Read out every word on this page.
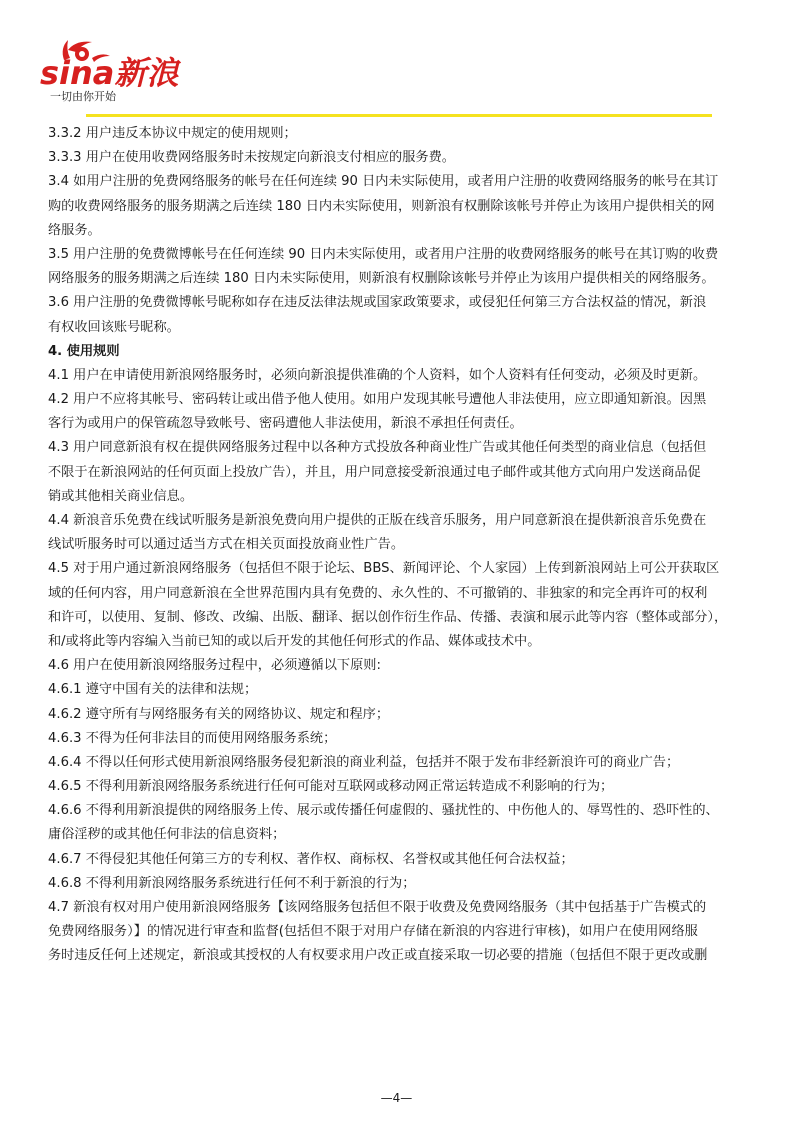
sina新浪
一切由你开始
3.3.2 用户违反本协议中规定的使用规则；
3.3.3 用户在使用收费网络服务时未按规定向新浪支付相应的服务费。
3.4 如用户注册的免费网络服务的帐号在任何连续 90 日内未实际使用，或者用户注册的收费网络服务的帐号在其订
购的收费网络服务的服务期满之后连续 180 日内未实际使用，则新浪有权删除该帐号并停止为该用户提供相关的网
络服务。
3.5 用户注册的免费微博帐号在任何连续 90 日内未实际使用，或者用户注册的收费网络服务的帐号在其订购的收费
网络服务的服务期满之后连续 180 日内未实际使用，则新浪有权删除该帐号并停止为该用户提供相关的网络服务。
3.6 用户注册的免费微博帐号昵称如存在违反法律法规或国家政策要求，或侵犯任何第三方合法权益的情况，新浪
有权收回该账号昵称。
4. 使用规则
4.1 用户在申请使用新浪网络服务时，必须向新浪提供准确的个人资料，如个人资料有任何变动，必须及时更新。
4.2 用户不应将其帐号、密码转让或出借予他人使用。如用户发现其帐号遭他人非法使用，应立即通知新浪。因黑
客行为或用户的保管疏忽导致帐号、密码遭他人非法使用，新浪不承担任何责任。
4.3 用户同意新浪有权在提供网络服务过程中以各种方式投放各种商业性广告或其他任何类型的商业信息（包括但
不限于在新浪网站的任何页面上投放广告），并且，用户同意接受新浪通过电子邮件或其他方式向用户发送商品促
销或其他相关商业信息。
4.4 新浪音乐免费在线试听服务是新浪免费向用户提供的正版在线音乐服务，用户同意新浪在提供新浪音乐免费在
线试听服务时可以通过适当方式在相关页面投放商业性广告。
4.5 对于用户通过新浪网络服务（包括但不限于论坛、BBS、新闻评论、个人家园）上传到新浪网站上可公开获取区
域的任何内容，用户同意新浪在全世界范围内具有免费的、永久性的、不可撤销的、非独家的和完全再许可的权利
和许可，以使用、复制、修改、改编、出版、翻译、据以创作衍生作品、传播、表演和展示此等内容（整体或部分），
和/或将此等内容编入当前已知的或以后开发的其他任何形式的作品、媒体或技术中。
4.6 用户在使用新浪网络服务过程中，必须遵循以下原则:
4.6.1 遵守中国有关的法律和法规；
4.6.2 遵守所有与网络服务有关的网络协议、规定和程序；
4.6.3 不得为任何非法目的而使用网络服务系统；
4.6.4 不得以任何形式使用新浪网络服务侵犯新浪的商业利益，包括并不限于发布非经新浪许可的商业广告；
4.6.5 不得利用新浪网络服务系统进行任何可能对互联网或移动网正常运转造成不利影响的行为；
4.6.6 不得利用新浪提供的网络服务上传、展示或传播任何虚假的、骚扰性的、中伤他人的、辱骂性的、恐吓性的、
庸俗淫秽的或其他任何非法的信息资料；
4.6.7 不得侵犯其他任何第三方的专利权、著作权、商标权、名誉权或其他任何合法权益；
4.6.8 不得利用新浪网络服务系统进行任何不利于新浪的行为；
4.7 新浪有权对用户使用新浪网络服务【该网络服务包括但不限于收费及免费网络服务（其中包括基于广告模式的
免费网络服务）】的情况进行审查和监督(包括但不限于对用户存储在新浪的内容进行审核)，如用户在使用网络服
务时违反任何上述规定，新浪或其授权的人有权要求用户改正或直接采取一切必要的措施（包括但不限于更改或删
—4—
